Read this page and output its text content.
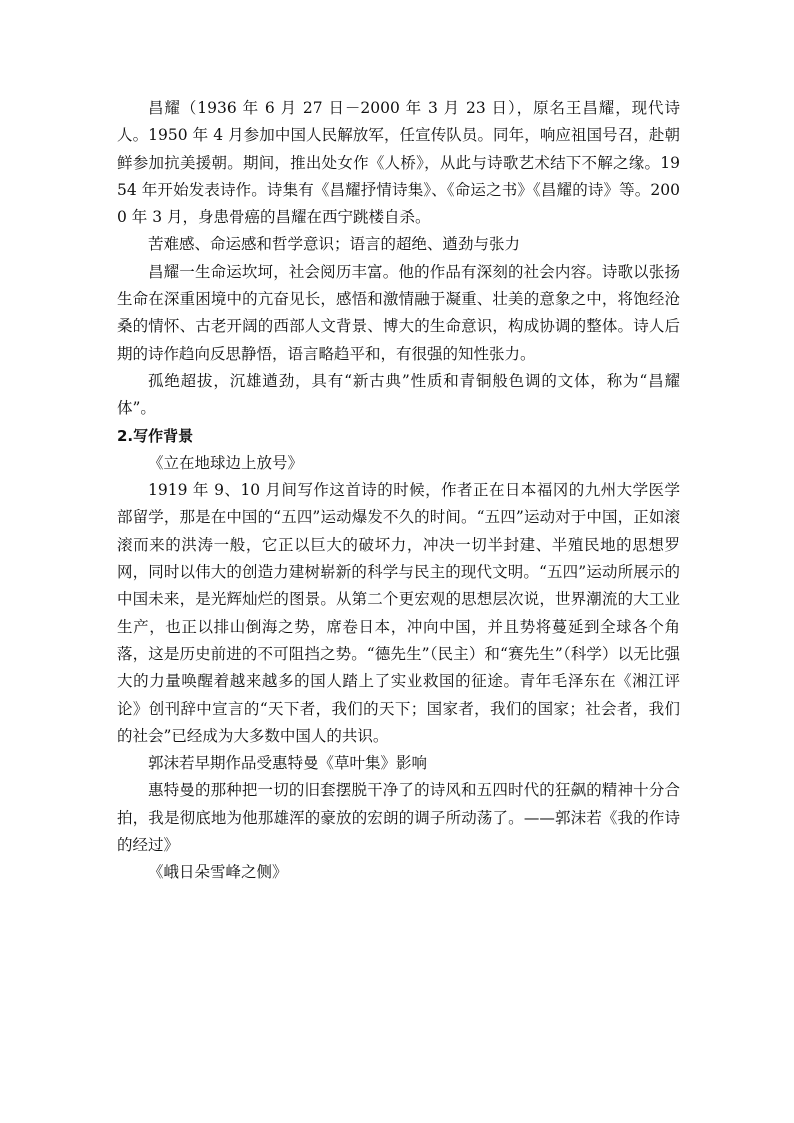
昌耀（1936 年 6 月 27 日－2000 年 3 月 23 日），原名王昌耀，现代诗人。1950 年 4 月参加中国人民解放军，任宣传队员。同年，响应祖国号召，赴朝鲜参加抗美援朝。期间，推出处女作《人桥》，从此与诗歌艺术结下不解之缘。1954 年开始发表诗作。诗集有《昌耀抒情诗集》、《命运之书》《昌耀的诗》等。2000 年 3 月，身患骨癌的昌耀在西宁跳楼自杀。

苦难感、命运感和哲学意识；语言的超绝、遒劲与张力

昌耀一生命运坎坷，社会阅历丰富。他的作品有深刻的社会内容。诗歌以张扬生命在深重困境中的亢奋见长，感悟和激情融于凝重、壮美的意象之中，将饱经沧桑的情怀、古老开阔的西部人文背景、博大的生命意识，构成协调的整体。诗人后期的诗作趋向反思静悟，语言略趋平和，有很强的知性张力。

孤绝超拔，沉雄遒劲，具有“新古典”性质和青铜般色调的文体，称为“昌耀体”。

2.写作背景

《立在地球边上放号》

1919 年 9、10 月间写作这首诗的时候，作者正在日本福冈的九州大学医学部留学，那是在中国的“五四”运动爆发不久的时间。“五四”运动对于中国，正如滚滚而来的洪涛一般，它正以巨大的破坏力，冲决一切半封建、半殖民地的思想罗网，同时以伟大的创造力建树崭新的科学与民主的现代文明。“五四”运动所展示的中国未来，是光辉灿烂的图景。从第二个更宏观的思想层次说，世界潮流的大工业生产，也正以排山倒海之势，席卷日本，冲向中国，并且势将蔓延到全球各个角落，这是历史前进的不可阻挡之势。“德先生”（民主）和“赛先生”（科学）以无比强大的力量唤醒着越来越多的国人踏上了实业救国的征途。青年毛泽东在《湘江评论》创刊辞中宣言的“天下者，我们的天下；国家者，我们的国家；社会者，我们的社会”已经成为大多数中国人的共识。

郭沫若早期作品受惠特曼《草叶集》影响

惠特曼的那种把一切的旧套摆脱干净了的诗风和五四时代的狂飙的精神十分合拍，我是彻底地为他那雄浑的豪放的宏朗的调子所动荡了。——郭沫若《我的作诗的经过》

《峨日朵雪峰之侧》
